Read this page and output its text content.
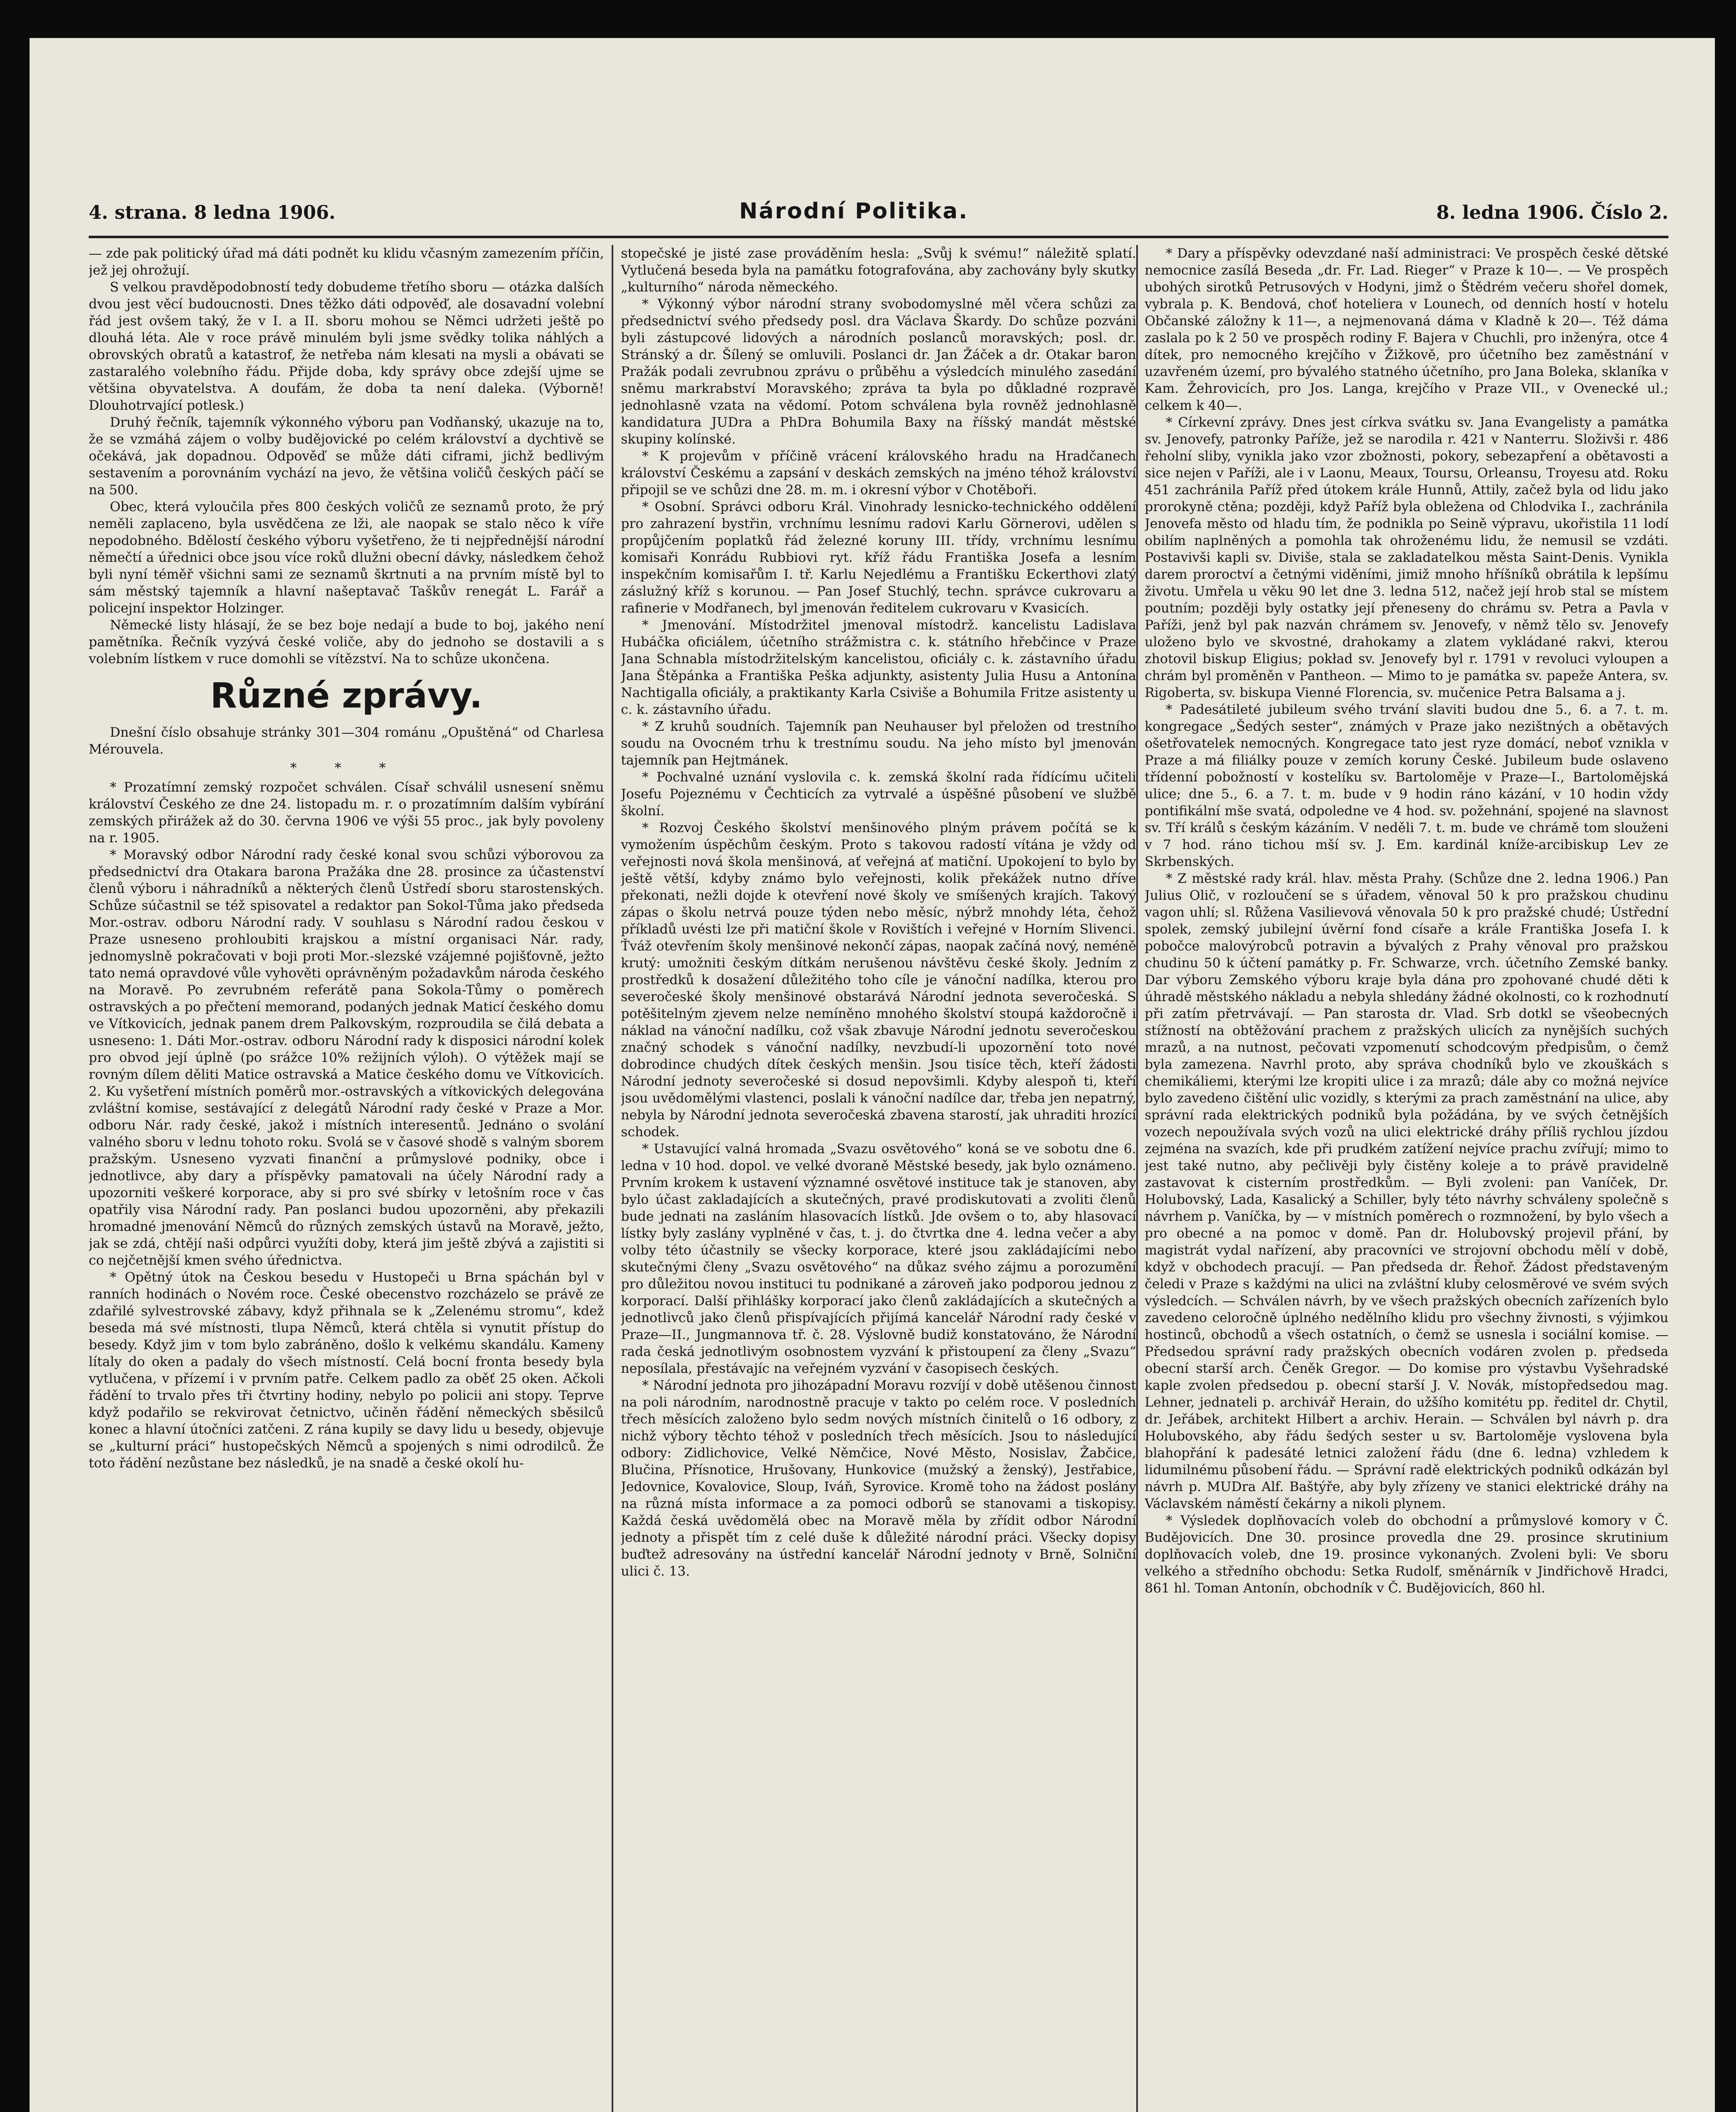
4. strana. 8 ledna 1906.	Národní Politika.	8. ledna 1906. Číslo 2.

— zde pak politický úřad má dáti podnět ku klidu včasným zamezením příčin, jež jej ohrožují.

S velkou pravděpodobností tedy dobudeme třetího sboru — otázka dalších dvou jest věcí budoucnosti. Dnes těžko dáti odpověď, ale dosavadní volební řád jest ovšem taký, že v I. a II. sboru mohou se Němci udržeti ještě po dlouhá léta. Ale v roce právě minulém byli jsme svědky tolika náhlých a obrovských obratů a katastrof, že netřeba nám klesati na mysli a obávati se zastaralého volebního řádu. Přijde doba, kdy správy obce zdejší ujme se většina obyvatelstva. A doufám, že doba ta není daleka. (Výborně! Dlouhotrvající potlesk.)

Druhý řečník, tajemník výkonného výboru pan Vodňanský, ukazuje na to, že se vzmáhá zájem o volby budějovické po celém království a dychtivě se očekává, jak dopadnou. Odpověď se může dáti ciframi, jichž bedlivým sestavením a porovnáním vychází na jevo, že většina voličů českých páčí se na 500.

Obec, která vyloučila přes 800 českých voličů ze seznamů proto, že prý neměli zaplaceno, byla usvědčena ze lži, ale naopak se stalo něco k víře nepodobného. Bdělostí českého výboru vyšetřeno, že ti nejpřednější národní němečtí a úřednici obce jsou více roků dlužni obecní dávky, následkem čehož byli nyní téměř všichni sami ze seznamů škrtnuti a na prvním místě byl to sám městský tajemník a hlavní našeptavač Taškův renegát L. Farář a policejní inspektor Holzinger.

Německé listy hlásají, že se bez boje nedají a bude to boj, jakého není pamětníka. Řečník vyzývá české voliče, aby do jednoho se dostavili a s volebním lístkem v ruce domohli se vítězství. Na to schůze ukončena.

Různé zprávy.

Dnešní číslo obsahuje stránky 301—304 románu „Opuštěná“ od Charlesa Mérouvela.

* * *

* Prozatímní zemský rozpočet schválen. Císař schválil usnesení sněmu království Českého ze dne 24. listopadu m. r. o prozatímním dalším vybírání zemských přirážek až do 30. června 1906 ve výši 55 proc., jak byly povoleny na r. 1905.

* Moravský odbor Národní rady české konal svou schůzi výborovou za předsednictví dra Otakara barona Pražáka dne 28. prosince za účastenství členů výboru i náhradníků a některých členů Ústředí sboru starostenských. Schůze súčastnil se též spisovatel a redaktor pan Sokol-Tůma jako předseda Mor.-ostrav. odboru Národní rady. V souhlasu s Národní radou českou v Praze usneseno prohloubiti krajskou a místní organisaci Nár. rady, jednomyslně pokračovati v boji proti Mor.-slezské vzájemné pojišťovně, ježto tato nemá opravdové vůle vyhověti oprávněným požadavkům národa českého na Moravě. Po zevrubném referátě pana Sokola-Tůmy o poměrech ostravských a po přečtení memorand, podaných jednak Maticí českého domu ve Vítkovicích, jednak panem drem Palkovským, rozproudila se čilá debata a usneseno: 1. Dáti Mor.-ostrav. odboru Národní rady k disposici národní kolek pro obvod její úplně (po srážce 10% režijních výloh). O výtěžek mají se rovným dílem děliti Matice ostravská a Matice českého domu ve Vítkovicích. 2. Ku vyšetření místních poměrů mor.-ostravských a vítkovických delegována zvláštní komise, sestávající z delegátů Národní rady české v Praze a Mor. odboru Nár. rady české, jakož i místních interesentů. Jednáno o svolání valného sboru v lednu tohoto roku. Svolá se v časové shodě s valným sborem pražským. Usneseno vyzvati finanční a průmyslové podniky, obce i jednotlivce, aby dary a příspěvky pamatovali na účely Národní rady a upozorniti veškeré korporace, aby si pro své sbírky v letošním roce v čas opatřily visa Národní rady. Pan poslanci budou upozorněni, aby překazili hromadné jmenování Němců do různých zemských ústavů na Moravě, ježto, jak se zdá, chtějí naši odpůrci využíti doby, která jim ještě zbývá a zajistiti si co nejčetnější kmen svého úřednictva.

* Opětný útok na Českou besedu v Hustopeči u Brna spáchán byl v ranních hodinách o Novém roce. České obecenstvo rozcházelo se právě ze zdařilé sylvestrovské zábavy, když přihnala se k „Zelenému stromu“, kdež beseda má své místnosti, tlupa Němců, která chtěla si vynutit přístup do besedy. Když jim v tom bylo zabráněno, došlo k velkému skandálu. Kameny lítaly do oken a padaly do všech místností. Celá bocní fronta besedy byla vytlučena, v přízemí i v prvním patře. Celkem padlo za oběť 25 oken. Ačkoli řádění to trvalo přes tři čtvrtiny hodiny, nebylo po policii ani stopy. Teprve když podařilo se rekvirovat četnictvo, učiněn řádění německých sběsilců konec a hlavní útočníci zatčeni. Z rána kupily se davy lidu u besedy, objevuje se „kulturní práci“ hustopečských Němců a spojených s nimi odrodilců. Že toto řádění nezůstane bez následků, je na snadě a české okolí hu-

stopečské je jisté zase prováděním hesla: „Svůj k svému!“ náležitě splatí. Vytlučená beseda byla na památku fotografována, aby zachovány byly skutky „kulturního“ národa německého.

* Výkonný výbor národní strany svobodomyslné měl včera schůzi za předsednictví svého předsedy posl. dra Václava Škardy. Do schůze pozváni byli zástupcové lidových a národních poslanců moravských; posl. dr. Stránský a dr. Šílený se omluvili. Poslanci dr. Jan Žáček a dr. Otakar baron Pražák podali zevrubnou zprávu o průběhu a výsledcích minulého zasedání sněmu markrabství Moravského; zpráva ta byla po důkladné rozpravě jednohlasně vzata na vědomí. Potom schválena byla rovněž jednohlasně kandidatura JUDra a PhDra Bohumila Baxy na říšský mandát městské skupiny kolínské.

* K projevům v příčině vrácení královského hradu na Hradčanech království Českému a zapsání v deskách zemských na jméno téhož království připojil se ve schůzi dne 28. m. m. i okresní výbor v Chotěboři.

* Osobní. Správci odboru Král. Vinohrady lesnicko-technického oddělení pro zahrazení bystřin, vrchnímu lesnímu radovi Karlu Görnerovi, udělen s propůjčením poplatků řád železné koruny III. třídy, vrchnímu lesnímu komisaři Konrádu Rubbiovi ryt. kříž řádu Františka Josefa a lesním inspekčním komisařům I. tř. Karlu Nejedlému a Františku Eckerthovi zlatý záslužný kříž s korunou. — Pan Josef Stuchlý, techn. správce cukrovaru a rafinerie v Modřanech, byl jmenován ředitelem cukrovaru v Kvasicích.

* Jmenování. Místodržitel jmenoval místodrž. kancelistu Ladislava Hubáčka oficiálem, účetního strážmistra c. k. státního hřebčince v Praze Jana Schnabla místodržitelským kancelistou, oficiály c. k. zástavního úřadu Jana Štěpánka a Františka Peška adjunkty, asistenty Julia Husu a Antonína Nachtigalla oficiály, a praktikanty Karla Csiviše a Bohumila Fritze asistenty u c. k. zástavního úřadu.

* Z kruhů soudních. Tajemník pan Neuhauser byl přeložen od trestního soudu na Ovocném trhu k trestnímu soudu. Na jeho místo byl jmenován tajemník pan Hejtmánek.

* Pochvalné uznání vyslovila c. k. zemská školní rada řídícímu učiteli Josefu Pojeznému v Čechticích za vytrvalé a úspěšné působení ve službě školní.

* Rozvoj Českého školství menšinového plným právem počítá se k vymožením úspěchům českým. Proto s takovou radostí vítána je vždy od veřejnosti nová škola menšinová, ať veřejná ať matiční. Upokojení to bylo by ještě větší, kdyby známo bylo veřejnosti, kolik překážek nutno dříve překonati, nežli dojde k otevření nové školy ve smíšených krajích. Takový zápas o školu netrvá pouze týden nebo měsíc, nýbrž mnohdy léta, čehož příkladů uvésti lze při matiční škole v Rovištích i veřejné v Horním Slivenci. Ťváž otevřením školy menšinové nekončí zápas, naopak začíná nový, neméně krutý: umožniti českým dítkám nerušenou návštěvu české školy. Jedním z prostředků k dosažení důležitého toho cíle je vánoční nadílka, kterou pro severočeské školy menšinové obstarává Národní jednota severočeská. S potěšitelným zjevem nelze nemíněno mnohého školství stoupá každoročně i náklad na vánoční nadílku, což však zbavuje Národní jednotu severočeskou značný schodek s vánoční nadílky, nevzbudí-li upozornění toto nové dobrodince chudých dítek českých menšin. Jsou tisíce těch, kteří žádosti Národní jednoty severočeské si dosud nepovšimli. Kdyby alespoň ti, kteří jsou uvědomělými vlastenci, poslali k vánoční nadílce dar, třeba jen nepatrný, nebyla by Národní jednota severočeská zbavena starostí, jak uhraditi hrozící schodek.

* Ustavující valná hromada „Svazu osvětového“ koná se ve sobotu dne 6. ledna v 10 hod. dopol. ve velké dvoraně Městské besedy, jak bylo oznámeno. Prvním krokem k ustavení významné osvětové instituce tak je stanoven, aby bylo účast zakladajících a skutečných, pravé prodiskutovati a zvoliti členů bude jednati na zasláním hlasovacích lístků. Jde ovšem o to, aby hlasovací lístky byly zaslány vyplněné v čas, t. j. do čtvrtka dne 4. ledna večer a aby volby této účastnily se všecky korporace, které jsou zakládajícími nebo skutečnými členy „Svazu osvětového“ na důkaz svého zájmu a porozumění pro důležitou novou instituci tu podnikané a zároveň jako podporou jednou z korporací. Další přihlášky korporací jako členů zakládajících a skutečných a jednotlivců jako členů přispívajících přijímá kancelář Národní rady české v Praze—II., Jungmannova tř. č. 28. Výslovně budiž konstatováno, že Národní rada česká jednotlivým osobnostem vyzvání k přistoupení za členy „Svazu“ neposílala, přestávajíc na veřejném vyzvání v časopisech českých.

* Národní jednota pro jihozápadní Moravu rozvíjí v době utěšenou činnost na poli národním, narodnostně pracuje v takto po celém roce. V posledních třech měsících založeno bylo sedm nových místních činitelů o 16 odbory, z nichž výbory těchto téhož v posledních třech měsících. Jsou to následující odbory: Zidlichovice, Velké Němčice, Nové Město, Nosislav, Žabčice, Blučina, Přísnotice, Hrušovany, Hunkovice (mužský a ženský), Jestřabice, Jedovnice, Kovalovice, Sloup, Iváň, Syrovice. Kromě toho na žádost poslány na různá místa informace a za pomoci odborů se stanovami a tiskopisy. Každá česká uvědomělá obec na Moravě měla by zřídit odbor Národní jednoty a přispět tím z celé duše k důležité národní práci. Všecky dopisy buďtež adresovány na ústřední kancelář Národní jednoty v Brně, Solniční ulici č. 13.

* Dary a příspěvky odevzdané naší administraci: Ve prospěch české dětské nemocnice zasílá Beseda „dr. Fr. Lad. Rieger“ v Praze k 10—. — Ve prospěch ubohých sirotků Petrusových v Hodyni, jimž o Štědrém večeru shořel domek, vybrala p. K. Bendová, choť hoteliera v Lounech, od denních hostí v hotelu Občanské záložny k 11—, a nejmenovaná dáma v Kladně k 20—. Též dáma zaslala po k 2 50 ve prospěch rodiny F. Bajera v Chuchli, pro inženýra, otce 4 dítek, pro nemocného krejčího v Žižkově, pro účetního bez zaměstnání v uzavřeném území, pro bývalého statného účetního, pro Jana Boleka, sklaníka v Kam. Žehrovicích, pro Jos. Langa, krejčího v Praze VII., v Ovenecké ul.; celkem k 40—.

* Církevní zprávy. Dnes jest církva svátku sv. Jana Evangelisty a památka sv. Jenovefy, patronky Paříže, jež se narodila r. 421 v Nanterru. Složivši r. 486 řeholní sliby, vynikla jako vzor zbožnosti, pokory, sebezapření a obětavosti a sice nejen v Paříži, ale i v Laonu, Meaux, Toursu, Orleansu, Troyesu atd. Roku 451 zachránila Paříž před útokem krále Hunnů, Attily, začež byla od lidu jako prorokyně ctěna; později, když Paříž byla obležena od Chlodvika I., zachránila Jenovefa město od hladu tím, že podnikla po Seině výpravu, ukořistila 11 lodí obilím naplněných a pomohla tak ohroženému lidu, že nemusil se vzdáti. Postavivši kapli sv. Diviše, stala se zakladatelkou města Saint-Denis. Vynikla darem proroctví a četnými viděními, jimiž mnoho hříšníků obrátila k lepšímu životu. Umřela u věku 90 let dne 3. ledna 512, načež její hrob stal se místem poutním; později byly ostatky její přeneseny do chrámu sv. Petra a Pavla v Paříži, jenž byl pak nazván chrámem sv. Jenovefy, v němž tělo sv. Jenovefy uloženo bylo ve skvostné, drahokamy a zlatem vykládané rakvi, kterou zhotovil biskup Eligius; pokład sv. Jenovefy byl r. 1791 v revoluci vyloupen a chrám byl proměněn v Pantheon. — Mimo to je památka sv. papeže Antera, sv. Rigoberta, sv. biskupa Vienné Florencia, sv. mučenice Petra Balsama a j.

* Padesátileté jubileum svého trvání slaviti budou dne 5., 6. a 7. t. m. kongregace „Šedých sester“, známých v Praze jako nezištných a obětavých ošetřovatelek nemocných. Kongregace tato jest ryze domácí, neboť vznikla v Praze a má filiálky pouze v zemích koruny České. Jubileum bude oslaveno třídenní pobožností v kostelíku sv. Bartoloměje v Praze—I., Bartolomějská ulice; dne 5., 6. a 7. t. m. bude v 9 hodin ráno kázání, v 10 hodin vždy pontifikální mše svatá, odpoledne ve 4 hod. sv. požehnání, spojené na slavnost sv. Tří králů s českým kázáním. V neděli 7. t. m. bude ve chrámě tom slouženi v 7 hod. ráno tichou mší sv. J. Em. kardinál kníže-arcibiskup Lev ze Skrbenských.

* Z městské rady král. hlav. města Prahy. (Schůze dne 2. ledna 1906.) Pan Julius Olič, v rozloučení se s úřadem, věnoval 50 k pro pražskou chudinu vagon uhlí; sl. Růžena Vasilievová věnovala 50 k pro pražské chudé; Ústřední spolek, zemský jubilejní úvěrní fond císaře a krále Františka Josefa I. k pobočce malovýrobců potravin a bývalých z Prahy věnoval pro pražskou chudinu 50 k účtení památky p. Fr. Schwarze, vrch. účetního Zemské banky. Dar výboru Zemského výboru kraje byla dána pro zpohované chudé děti k úhradě městského nákladu a nebyla shledány žádné okolnosti, co k rozhodnutí při zatím přetrvávají. — Pan starosta dr. Vlad. Srb dotkl se všeobecných stížností na obtěžování prachem z pražských ulicích za nynějších suchých mrazů, a na nutnost, pečovati vzpomenutí schodcovým předpisům, o čemž byla zamezena. Navrhl proto, aby správa chodníků bylo ve zkouškách s chemikáliemi, kterými lze kropiti ulice i za mrazů; dále aby co možná nejvíce bylo zavedeno čištění ulic vozidly, s kterými za prach zaměstnání na ulice, aby správní rada elektrických podniků byla požádána, by ve svých četnějších vozech nepoužívala svých vozů na ulici elektrické dráhy příliš rychlou jízdou zejména na svazích, kde při prudkém zatížení nejvíce prachu zvířují; mimo to jest také nutno, aby pečlivěji byly čistěny koleje a to právě pravidelně zastavovat k cisterním prostředkům. — Byli zvoleni: pan Vaníček, Dr. Holubovský, Lada, Kasalický a Schiller, byly této návrhy schváleny společně s návrhem p. Vaníčka, by — v místních poměrech o rozmnožení, by bylo všech a pro obecné a na pomoc v domě. Pan dr. Holubovský projevil přání, by magistrát vydal nařízení, aby pracovníci ve strojovní obchodu mělí v době, když v obchodech pracují. — Pan předseda dr. Řehoř. Žádost představeným čeledi v Praze s každými na ulici na zvláštní kluby celosměrové ve svém svých výsledcích. — Schválen návrh, by ve všech pražských obecních zařízeních bylo zavedeno celoročně úplného nedělního klidu pro všechny živnosti, s výjimkou hostinců, obchodů a všech ostatních, o čemž se usnesla i sociální komise. — Předsedou správní rady pražských obecních vodáren zvolen p. předseda obecní starší arch. Čeněk Gregor. — Do komise pro výstavbu Vyšehradské kaple zvolen předsedou p. obecní starší J. V. Novák, místopředsedou mag. Lehner, jednateli p. archivář Herain, do užšího komitétu pp. ředitel dr. Chytil, dr. Jeřábek, architekt Hilbert a archiv. Herain. — Schválen byl návrh p. dra Holubovského, aby řádu šedých sester u sv. Bartoloměje vyslovena byla blahopřání k padesáté letnici založení řádu (dne 6. ledna) vzhledem k lidumilnému působení řádu. — Správní radě elektrických podniků odkázán byl návrh p. MUDra Alf. Baštýře, aby byly zřízeny ve stanici elektrické dráhy na Václavském náměstí čekárny a nikoli plynem.

* Výsledek doplňovacích voleb do obchodní a průmyslové komory v Č. Budějovicích. Dne 30. prosince provedla dne 29. prosince skrutinium doplňovacích voleb, dne 19. prosince vykonaných. Zvoleni byli: Ve sboru velkého a středního obchodu: Setka Rudolf, směnárník v Jindřichově Hradci, 861 hl. Toman Antonín, obchodník v Č. Budějovicích, 860 hl.
